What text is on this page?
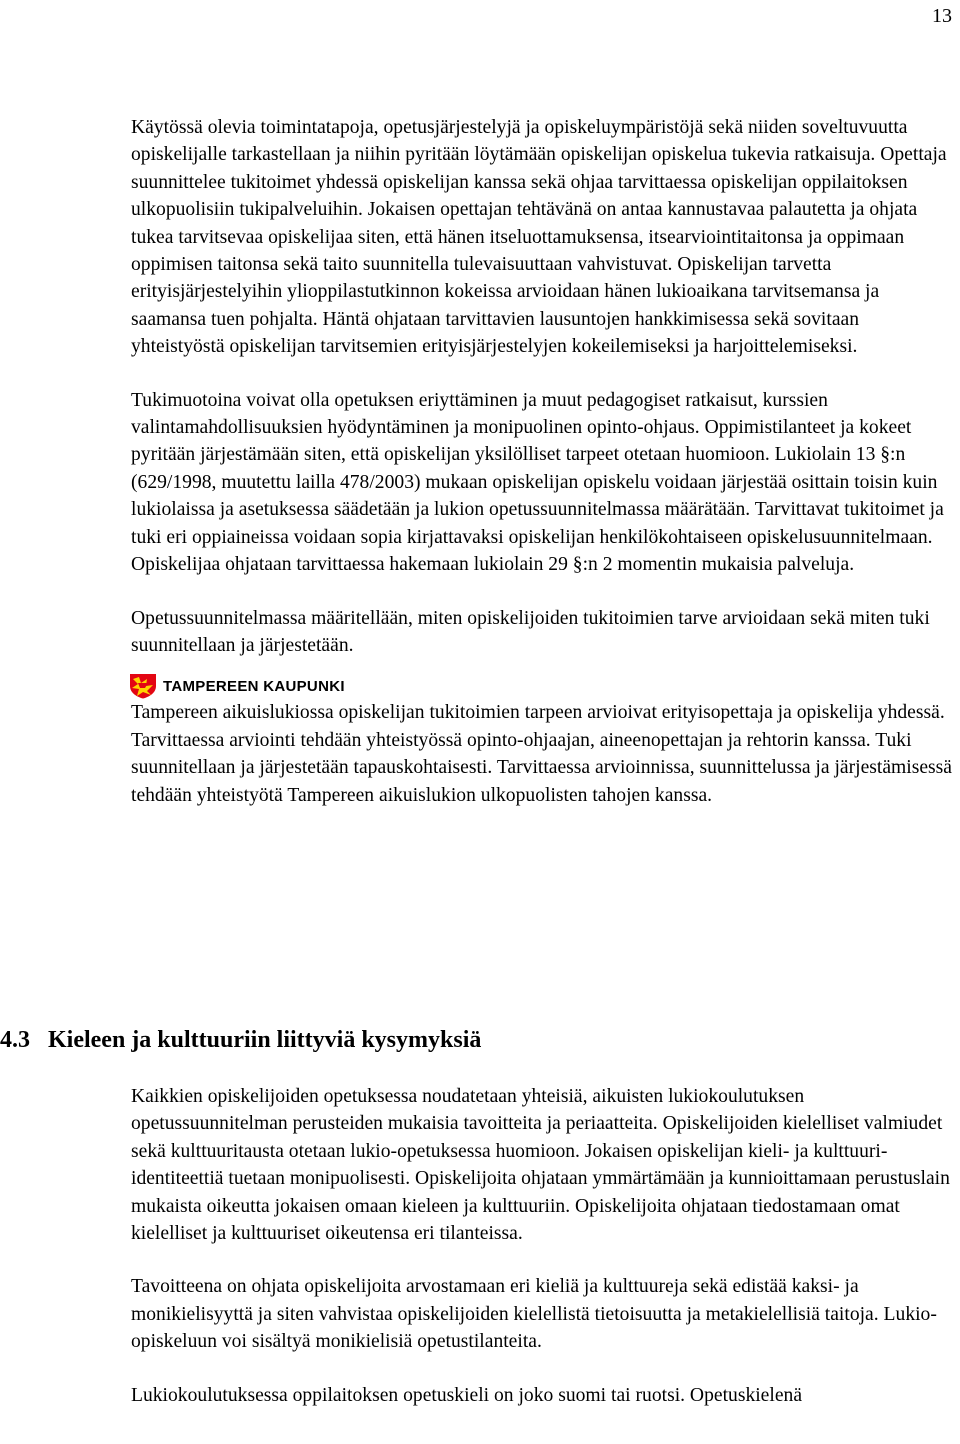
13

Käytössä olevia toimintatapoja, opetusjärjestelyjä ja opiskeluympäristöjä sekä niiden soveltuvuutta opiskelijalle tarkastellaan ja niihin pyritään löytämään opiskelijan opiskelua tukevia ratkaisuja. Opettaja suunnittelee tukitoimet yhdessä opiskelijan kanssa sekä ohjaa tarvittaessa opiskelijan oppilaitoksen ulkopuolisiin tukipalveluihin. Jokaisen opettajan tehtävänä on antaa kannustavaa palautetta ja ohjata tukea tarvitsevaa opiskelijaa siten, että hänen itseluottamuksensa, itsearviointitaitonsa ja oppimaan oppimisen taitonsa sekä taito suunnitella tulevaisuuttaan vahvistuvat. Opiskelijan tarvetta erityisjärjestelyihin ylioppilastutkinnon kokeissa arvioidaan hänen lukioaikana tarvitsemansa ja saamansa tuen pohjalta. Häntä ohjataan tarvittavien lausuntojen hankkimisessa sekä sovitaan yhteistyöstä opiskelijan tarvitsemien erityisjärjestelyjen kokeilemiseksi ja harjoittelemiseksi.

Tukimuotoina voivat olla opetuksen eriyttäminen ja muut pedagogiset ratkaisut, kurssien valintamahdollisuuksien hyödyntäminen ja monipuolinen opinto-ohjaus. Oppimistilanteet ja kokeet pyritään järjestämään siten, että opiskelijan yksilölliset tarpeet otetaan huomioon. Lukiolain 13 §:n (629/1998, muutettu lailla 478/2003) mukaan opiskelijan opiskelu voidaan järjestää osittain toisin kuin lukiolaissa ja asetuksessa säädetään ja lukion opetussuunnitelmassa määrätään. Tarvittavat tukitoimet ja tuki eri oppiaineissa voidaan sopia kirjattavaksi opiskelijan henkilökohtaiseen opiskelusuunnitelmaan. Opiskelijaa ohjataan tarvittaessa hakemaan lukiolain 29 §:n 2 momentin mukaisia palveluja.

Opetussuunnitelmassa määritellään, miten opiskelijoiden tukitoimien tarve arvioidaan sekä miten tuki suunnitellaan ja järjestetään.

TAMPEREEN KAUPUNKI

Tampereen aikuislukiossa opiskelijan tukitoimien tarpeen arvioivat erityisopettaja ja opiskelija yhdessä. Tarvittaessa arviointi tehdään yhteistyössä opinto-ohjaajan, aineenopettajan ja rehtorin kanssa. Tuki suunnitellaan ja järjestetään tapauskohtaisesti. Tarvittaessa arvioinnissa, suunnittelussa ja järjestämisessä tehdään yhteistyötä Tampereen aikuislukion ulkopuolisten tahojen kanssa.

4.3 Kieleen ja kulttuuriin liittyviä kysymyksiä

Kaikkien opiskelijoiden opetuksessa noudatetaan yhteisiä, aikuisten lukiokoulutuksen opetussuunnitelman perusteiden mukaisia tavoitteita ja periaatteita. Opiskelijoiden kielelliset valmiudet sekä kulttuuritausta otetaan lukio-opetuksessa huomioon. Jokaisen opiskelijan kieli- ja kulttuuri-identiteettiä tuetaan monipuolisesti. Opiskelijoita ohjataan ymmärtämään ja kunnioittamaan perustuslain mukaista oikeutta jokaisen omaan kieleen ja kulttuuriin. Opiskelijoita ohjataan tiedostamaan omat kielelliset ja kulttuuriset oikeutensa eri tilanteissa.

Tavoitteena on ohjata opiskelijoita arvostamaan eri kieliä ja kulttuureja sekä edistää kaksi- ja monikielisyyttä ja siten vahvistaa opiskelijoiden kielellistä tietoisuutta ja metakielellisiä taitoja. Lukio-opiskeluun voi sisältyä monikielisiä opetustilanteita.

Lukiokoulutuksessa oppilaitoksen opetuskieli on joko suomi tai ruotsi. Opetuskielenä
